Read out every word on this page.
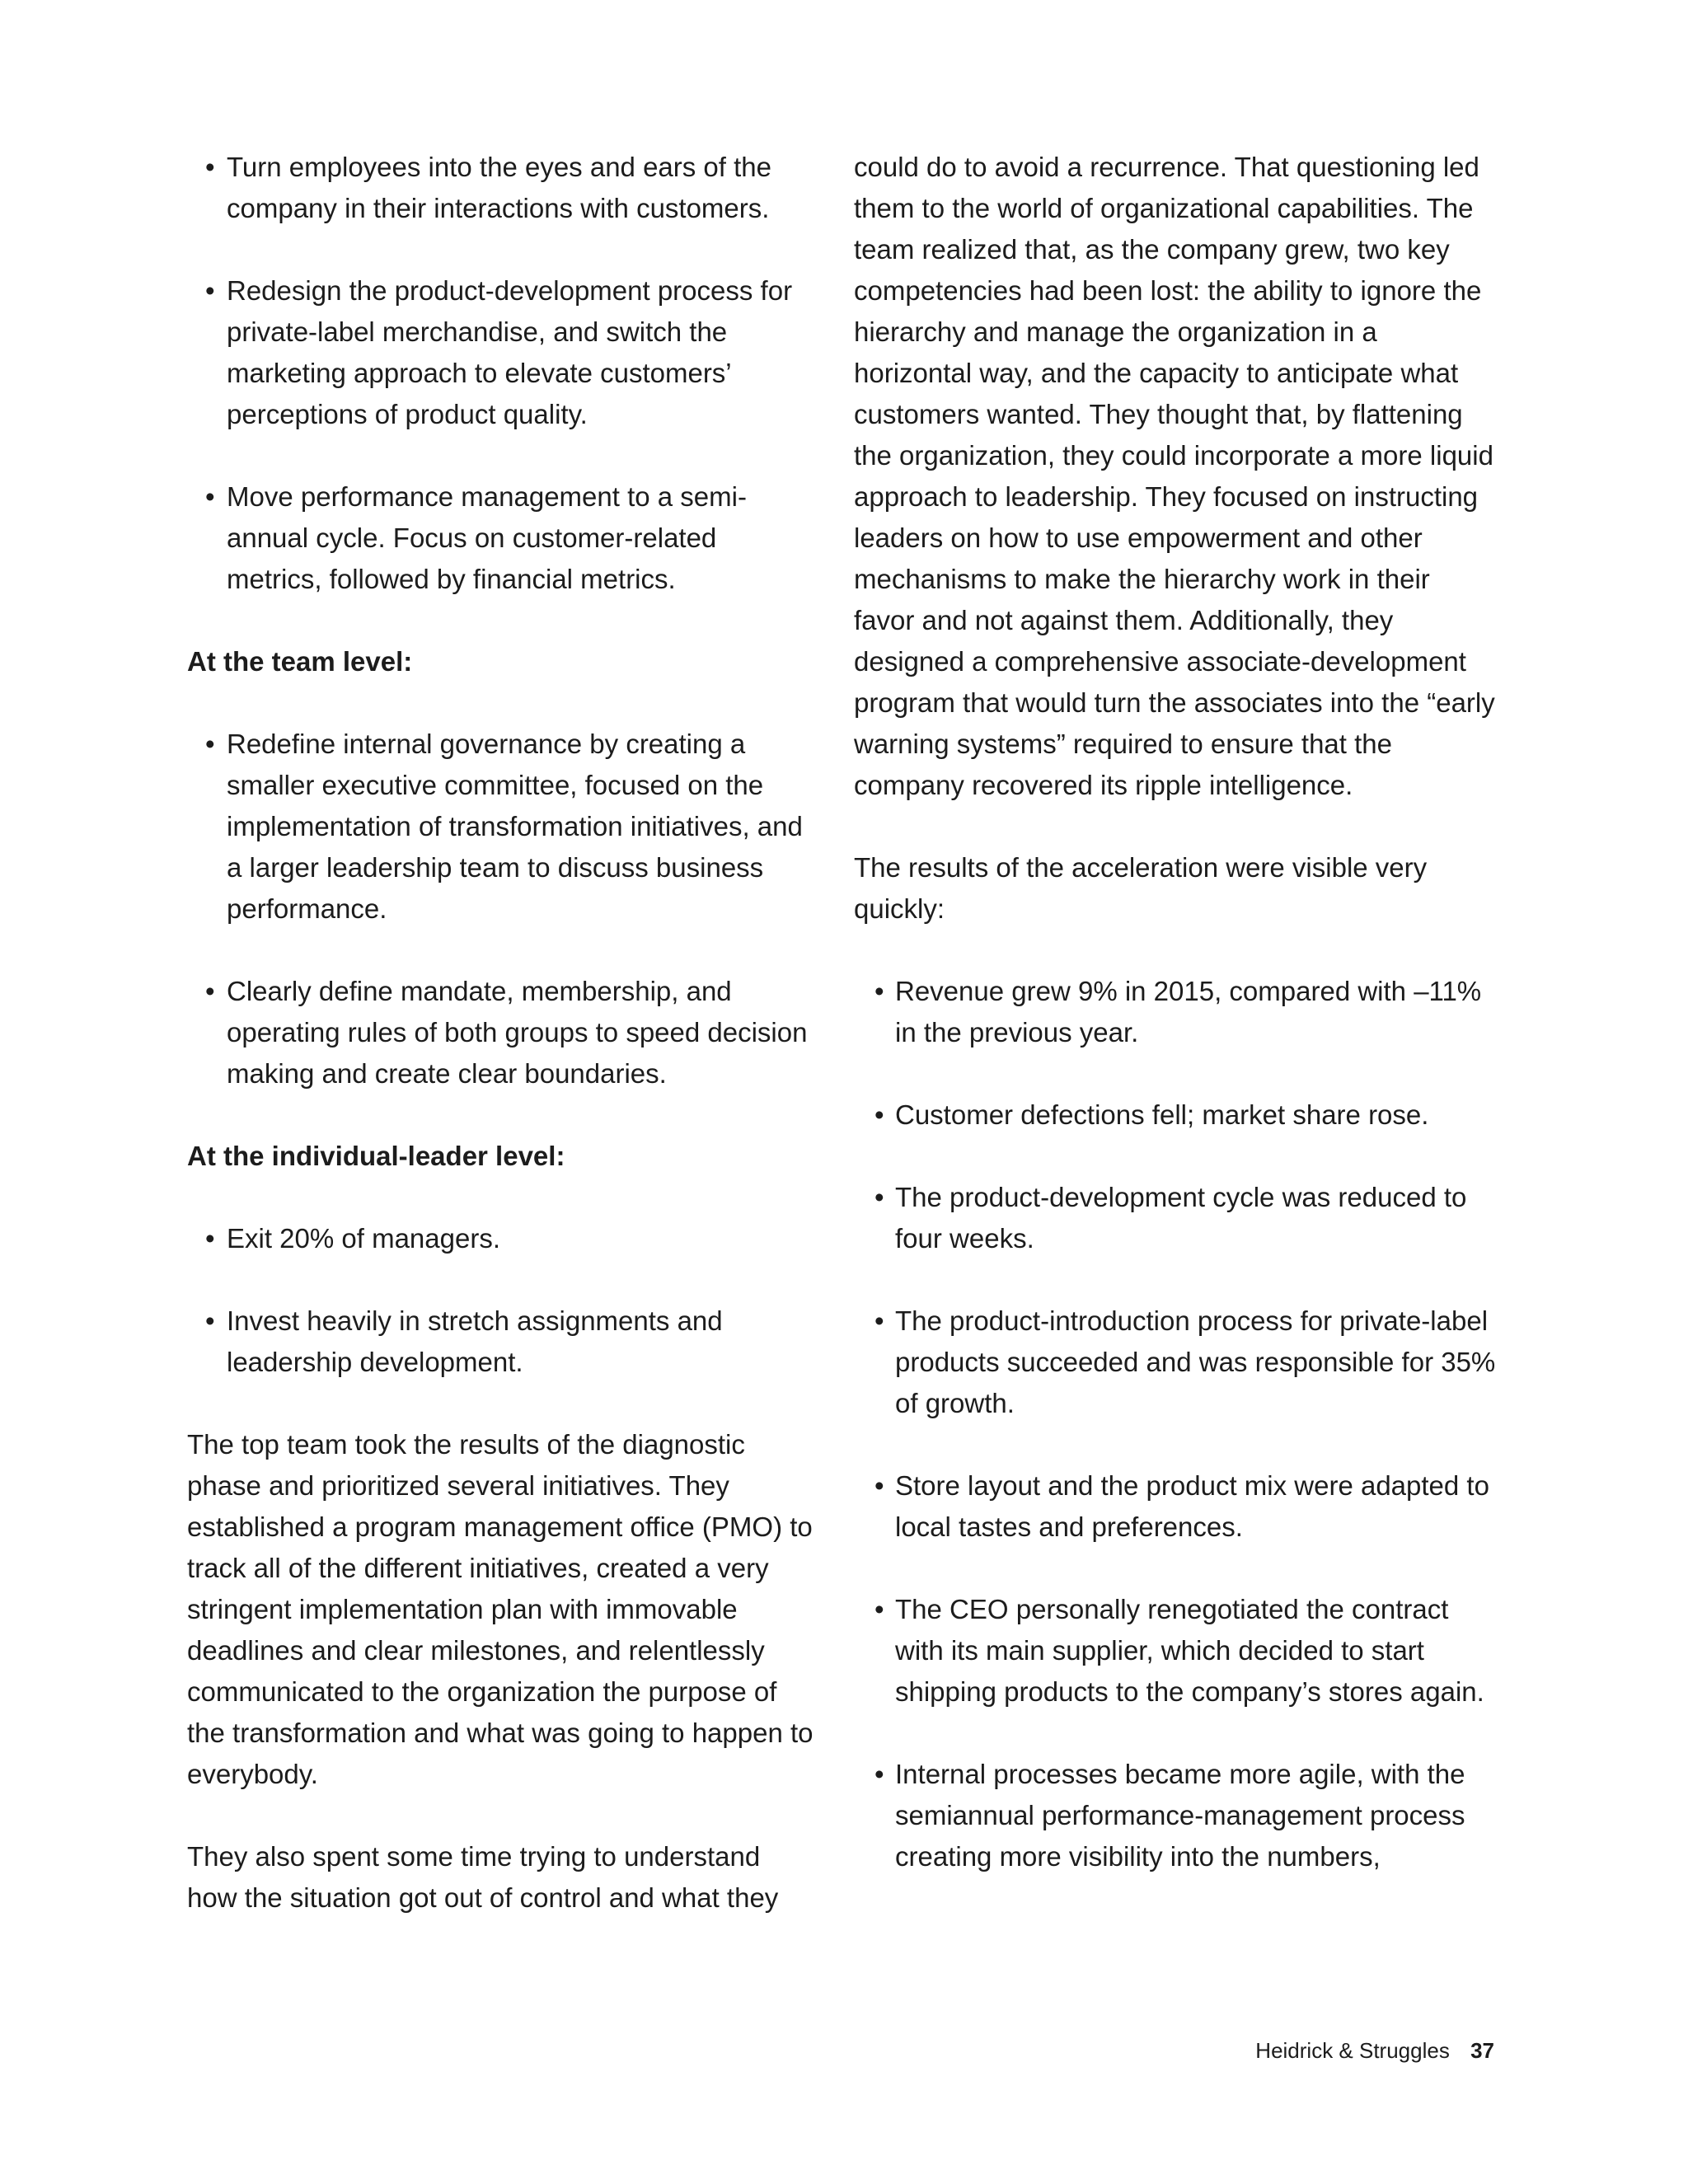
• Turn employees into the eyes and ears of the company in their interactions with customers.
• Redesign the product-development process for private-label merchandise, and switch the marketing approach to elevate customers’ perceptions of product quality.
• Move performance management to a semi-annual cycle. Focus on customer-related metrics, followed by financial metrics.

At the team level:

• Redefine internal governance by creating a smaller executive committee, focused on the implementation of transformation initiatives, and a larger leadership team to discuss business performance.
• Clearly define mandate, membership, and operating rules of both groups to speed decision making and create clear boundaries.

At the individual-leader level:

• Exit 20% of managers.
• Invest heavily in stretch assignments and leadership development.

The top team took the results of the diagnostic phase and prioritized several initiatives. They established a program management office (PMO) to track all of the different initiatives, created a very stringent implementation plan with immovable deadlines and clear milestones, and relentlessly communicated to the organization the purpose of the transformation and what was going to happen to everybody.

They also spent some time trying to understand how the situation got out of control and what they

could do to avoid a recurrence. That questioning led them to the world of organizational capabilities. The team realized that, as the company grew, two key competencies had been lost: the ability to ignore the hierarchy and manage the organization in a horizontal way, and the capacity to anticipate what customers wanted. They thought that, by flattening the organization, they could incorporate a more liquid approach to leadership. They focused on instructing leaders on how to use empowerment and other mechanisms to make the hierarchy work in their favor and not against them. Additionally, they designed a comprehensive associate-development program that would turn the associates into the “early warning systems” required to ensure that the company recovered its ripple intelligence.

The results of the acceleration were visible very quickly:

• Revenue grew 9% in 2015, compared with –11% in the previous year.
• Customer defections fell; market share rose.
• The product-development cycle was reduced to four weeks.
• The product-introduction process for private-label products succeeded and was responsible for 35% of growth.
• Store layout and the product mix were adapted to local tastes and preferences.
• The CEO personally renegotiated the contract with its main supplier, which decided to start shipping products to the company’s stores again.
• Internal processes became more agile, with the semiannual performance-management process creating more visibility into the numbers,
Heidrick & Struggles 37
